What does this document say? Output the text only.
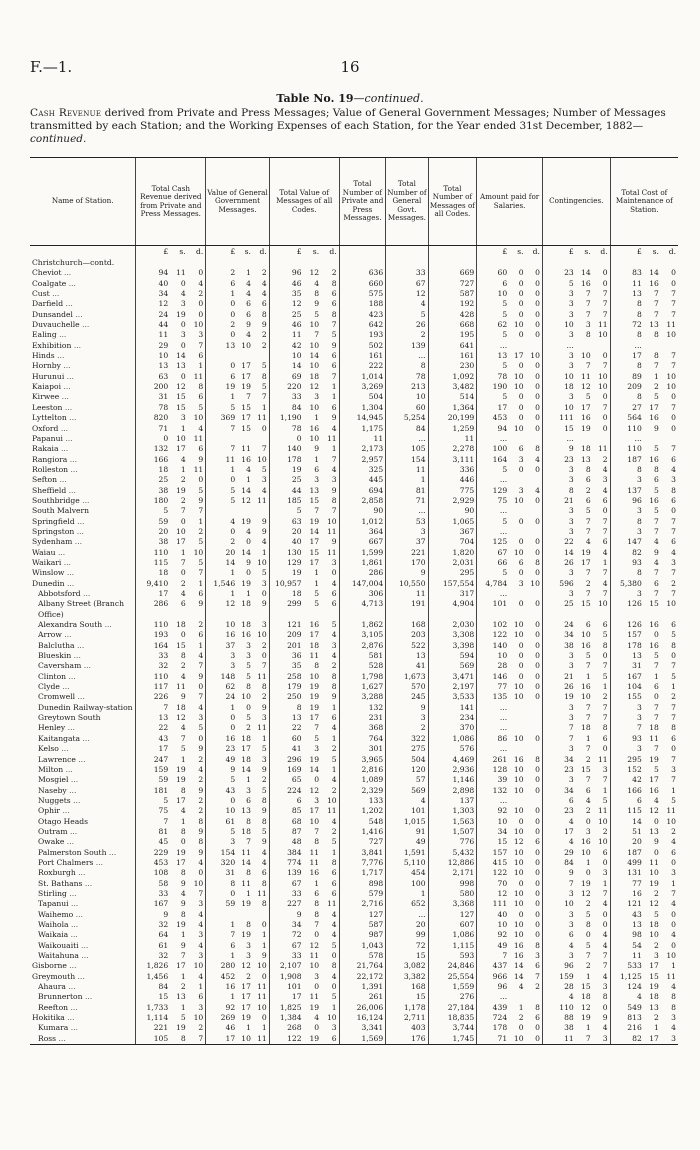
F.—1.	16
Table No. 19—continued.
Cash Revenue derived from Private and Press Messages; Value of General Government Messages; Number of Messages transmitted by each Station; and the Working Expenses of each Station, for the Year ended 31st December, 1882—continued.
Name of Station.	Total Cash Revenue derived from Private and Press Messages.	Value of General Government Messages.	Total Value of Messages of all Codes.	Total Number of Private and Press Messages.	Total Number of General Govt. Messages.	Total Number of Messages of all Codes.	Amount paid for Salaries.	Contingencies.	Total Cost of Maintenance of Station.

	£ s. d.	£ s. d.	£ s. d.				£ s. d.	£ s. d.	£ s. d.

Christchurch—contd.									
Cheviot ...	94 11 0	2 1 2	96 12 2	636	33	669	60 0 0	23 14 0	83 14 0

Coalgate ...	40 0 4	6 4 4	46 4 8	660	67	727	6 0 0	5 16 0	11 16 0

Cust ...	34 4 2	1 4 4	35 8 6	575	12	587	10 0 0	3 7 7	13 7 7

Darfield ...	12 3 0	0 6 6	12 9 6	188	4	192	5 0 0	3 7 7	8 7 7

Dunsandel ...	24 19 0	0 6 8	25 5 8	423	5	428	5 0 0	3 7 7	8 7 7

Duvauchelle ...	44 0 10	2 9 9	46 10 7	642	26	668	62 10 0	10 3 11	72 13 11

Ealing ...	11 3 3	0 4 2	11 7 5	193	2	195	5 0 0	3 8 10	8 8 10

Exhibition ...	29 0 7	13 10 2	42 10 9	502	139	641	...	...	...

Hinds ...	10 14 6		10 14 6	161	...	161	13 17 10	3 10 0	17 8 7

Hornby ...	13 13 1	0 17 5	14 10 6	222	8	230	5 0 0	3 7 7	8 7 7

Hurunui ...	63 0 11	6 17 8	69 18 7	1,014	78	1,092	78 10 0	10 11 10	89 1 10

Kaiapoi ...	200 12 8	19 19 5	220 12 1	3,269	213	3,482	190 10 0	18 12 10	209 2 10

Kirwee ...	31 15 6	1 7 7	33 3 1	504	10	514	5 0 0	3 5 0	8 5 0

Leeston ...	78 15 5	5 15 1	84 10 6	1,304	60	1,364	17 0 0	10 17 7	27 17 7

Lyttelton ...	820 3 10	369 17 11	1,190 1 9	14,945	5,254	20,199	453 0 0	111 16 0	564 16 0

Oxford ...	71 1 4	7 15 0	78 16 4	1,175	84	1,259	94 10 0	15 19 0	110 9 0

Papanui ...	0 10 11		0 10 11	11	...	11	...	...	...

Rakaia ...	132 17 6	7 11 7	140 9 1	2,173	105	2,278	100 6 8	9 18 11	110 5 7

Rangiora ...	166 4 9	11 16 10	178 1 7	2,957	154	3,111	164 3 4	23 13 2	187 16 6

Rolleston ...	18 1 11	1 4 5	19 6 4	325	11	336	5 0 0	3 8 4	8 8 4

Sefton ...	25 2 0	0 1 3	25 3 3	445	1	446	...	3 6 3	3 6 3

Sheffield ...	38 19 5	5 14 4	44 13 9	694	81	775	129 3 4	8 2 4	137 5 8

Southbridge ...	180 2 9	5 12 11	185 15 8	2,858	71	2,929	75 10 0	21 6 6	96 16 6

South Malvern	5 7 7		5 7 7	90	...	90	...	3 5 0	3 5 0

Springfield ...	59 0 1	4 19 9	63 19 10	1,012	53	1,065	5 0 0	3 7 7	8 7 7

Springston ...	20 10 2	0 4 9	20 14 11	364	3	367	...	3 7 7	3 7 7

Sydenham ...	38 17 5	2 0 4	40 17 9	667	37	704	125 0 0	22 4 6	147 4 6

Waiau ...	110 1 10	20 14 1	130 15 11	1,599	221	1,820	67 10 0	14 19 4	82 9 4

Waikari ...	115 7 5	14 9 10	129 17 3	1,861	170	2,031	66 6 8	26 17 1	93 4 3

Winslow ...	18 0 7	1 0 5	19 1 0	286	9	295	5 0 0	3 7 7	8 7 7

Dunedin ...	9,410 2 1	1,546 19 3	10,957 1 4	147,004	10,550	157,554	4,784 3 10	596 2 4	5,380 6 2

Abbotsford ...	17 4 6	1 1 0	18 5 6	306	11	317	...	3 7 7	3 7 7

Albany Street (Branch Office)	286 6 9	12 18 9	299 5 6	4,713	191	4,904	101 0 0	25 15 10	126 15 10

Alexandra South ...	110 18 2	10 18 3	121 16 5	1,862	168	2,030	102 10 0	24 6 6	126 16 6

Arrow ...	193 0 6	16 16 10	209 17 4	3,105	203	3,308	122 10 0	34 10 5	157 0 5

Balclutha ...	164 15 1	37 3 2	201 18 3	2,876	522	3,398	140 0 0	38 16 8	178 16 8

Blueskin ...	33 8 4	3 3 0	36 11 4	581	13	594	10 0 0	3 5 0	13 5 0

Caversham ...	32 2 7	3 5 7	35 8 2	528	41	569	28 0 0	3 7 7	31 7 7

Clinton ...	110 4 9	148 5 11	258 10 8	1,798	1,673	3,471	146 0 0	21 1 5	167 1 5

Clyde ...	117 11 0	62 8 8	179 19 8	1,627	570	2,197	77 10 0	26 16 1	104 6 1

Cromwell ...	226 9 7	24 10 2	250 19 9	3,288	245	3,533	135 10 0	19 10 2	155 0 2

Dunedin Railway-station	7 18 4	1 0 9	8 19 1	132	9	141	...	3 7 7	3 7 7

Greytown South	13 12 3	0 5 3	13 17 6	231	3	234	...	3 7 7	3 7 7

Henley ...	22 4 5	0 2 11	22 7 4	368	2	370	...	7 18 8	7 18 8

Kaitangata ...	43 7 0	16 18 1	60 5 1	764	322	1,086	86 10 0	7 1 6	93 11 6

Kelso ...	17 5 9	23 17 5	41 3 2	301	275	576	...	3 7 0	3 7 0

Lawrence ...	247 1 2	49 18 3	296 19 5	3,965	504	4,469	261 16 8	34 2 11	295 19 7

Milton ...	159 19 4	9 14 9	169 14 1	2,816	120	2,936	128 10 0	23 15 3	152 5 3

Mosgiel ...	59 19 2	5 1 2	65 0 4	1,089	57	1,146	39 10 0	3 7 7	42 17 7

Naseby ...	181 8 9	43 3 5	224 12 2	2,329	569	2,898	132 10 0	34 6 1	166 16 1

Nuggets ...	5 17 2	0 6 8	6 3 10	133	4	137	...	6 4 5	6 4 5

Ophir ...	75 4 2	10 13 9	85 17 11	1,202	101	1,303	92 10 0	23 2 11	115 12 11

Otago Heads	7 1 8	61 8 8	68 10 4	548	1,015	1,563	10 0 0	4 0 10	14 0 10

Outram ...	81 8 9	5 18 5	87 7 2	1,416	91	1,507	34 10 0	17 3 2	51 13 2

Owake ...	45 0 8	3 7 9	48 8 5	727	49	776	15 12 6	4 16 10	20 9 4

Palmerston South ...	229 19 9	154 11 4	384 11 1	3,841	1,591	5,432	157 10 0	29 10 6	187 0 6

Port Chalmers ...	453 17 4	320 14 4	774 11 8	7,776	5,110	12,886	415 10 0	84 1 0	499 11 0

Roxburgh ...	108 8 0	31 8 6	139 16 6	1,717	454	2,171	122 10 0	9 0 3	131 10 3

St. Bathans ...	58 9 10	8 11 8	67 1 6	898	100	998	70 0 0	7 19 1	77 19 1

Stirling ...	33 4 7	0 1 11	33 6 6	579	1	580	12 10 0	3 12 7	16 2 7

Tapanui ...	167 9 3	59 19 8	227 8 11	2,716	652	3,368	111 10 0	10 2 4	121 12 4

Waihemo ...	9 8 4		9 8 4	127	...	127	40 0 0	3 5 0	43 5 0

Waihola ...	32 19 4	1 8 0	34 7 4	587	20	607	10 10 0	3 8 0	13 18 0

Waikaia ...	64 1 3	7 19 1	72 0 4	987	99	1,086	92 10 0	6 0 4	98 10 4

Waikouaiti ...	61 9 4	6 3 1	67 12 5	1,043	72	1,115	49 16 8	4 5 4	54 2 0

Waitahuna ...	32 7 3	1 3 9	33 11 0	578	15	593	7 16 3	3 7 7	11 3 10

Gisborne ...	1,826 17 10	280 12 10	2,107 10 8	21,764	3,082	24,846	437 14 6	96 2 7	533 17 1

Greymouth ...	1,456 1 4	452 2 0	1,908 3 4	22,172	3,382	25,554	966 14 7	159 1 4	1,125 15 11

Ahaura ...	84 2 1	16 17 11	101 0 0	1,391	168	1,559	96 4 2	28 15 3	124 19 4

Brunnerton ...	15 13 6	1 17 11	17 11 5	261	15	276	...	4 18 8	4 18 8

Reefton ...	1,733 1 3	92 17 10	1,825 19 1	26,006	1,178	27,184	439 1 8	110 12 0	549 13 8

Hokitika ...	1,114 5 10	269 19 0	1,384 4 10	16,124	2,711	18,835	724 2 6	88 19 9	813 2 3

Kumara ...	221 19 2	46 1 1	268 0 3	3,341	403	3,744	178 0 0	38 1 4	216 1 4

Ross ...	105 8 7	17 10 11	122 19 6	1,569	176	1,745	71 10 0	11 7 3	82 17 3
